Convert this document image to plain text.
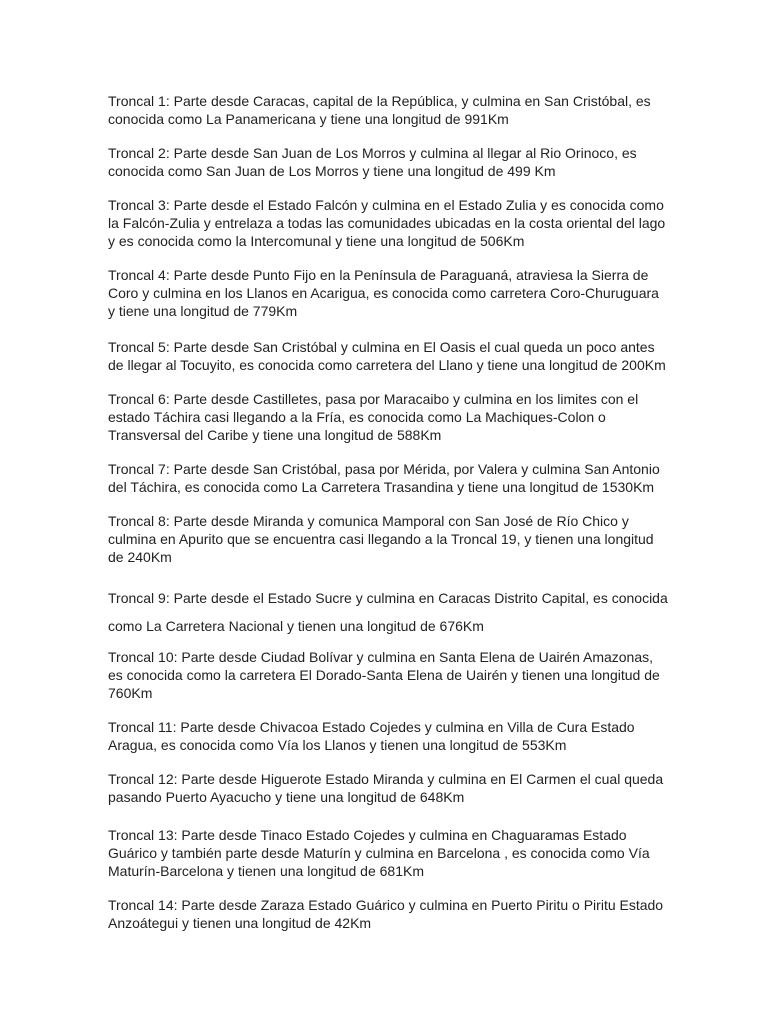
Troncal 1: Parte desde Caracas, capital de la República, y culmina en San Cristóbal, es
conocida como La Panamericana y tiene una longitud de 991Km

Troncal 2: Parte desde San Juan de Los Morros y culmina al llegar al Rio Orinoco, es
conocida como San Juan de Los Morros y tiene una longitud de 499 Km

Troncal 3: Parte desde el Estado Falcón y culmina en el Estado Zulia y es conocida como
la Falcón-Zulia y entrelaza a todas las comunidades ubicadas en la costa oriental del lago
y es conocida como la Intercomunal y tiene una longitud de 506Km

Troncal 4: Parte desde Punto Fijo en la Península de Paraguaná, atraviesa la Sierra de
Coro y culmina en los Llanos en Acarigua, es conocida como carretera Coro-Churuguara
y tiene una longitud de 779Km

Troncal 5: Parte desde San Cristóbal y culmina en El Oasis el cual queda un poco antes
de llegar al Tocuyito, es conocida como carretera del Llano y tiene una longitud de 200Km

Troncal 6: Parte desde Castilletes, pasa por Maracaibo y culmina en los limites con el
estado Táchira casi llegando a la Fría, es conocida como La Machiques-Colon o
Transversal del Caribe y tiene una longitud de 588Km

Troncal 7: Parte desde San Cristóbal, pasa por Mérida, por Valera y culmina San Antonio
del Táchira, es conocida como La Carretera Trasandina y tiene una longitud de 1530Km

Troncal 8: Parte desde Miranda y comunica Mamporal con San José de Río Chico y
culmina en Apurito que se encuentra casi llegando a la Troncal 19, y tienen una longitud
de 240Km

Troncal 9: Parte desde el Estado Sucre y culmina en Caracas Distrito Capital, es conocida
como La Carretera Nacional y tienen una longitud de 676Km

Troncal 10: Parte desde Ciudad Bolívar y culmina en Santa Elena de Uairén Amazonas,
es conocida como la carretera El Dorado-Santa Elena de Uairén y tienen una longitud de
760Km

Troncal 11: Parte desde Chivacoa Estado Cojedes y culmina en Villa de Cura Estado
Aragua, es conocida como Vía los Llanos y tienen una longitud de 553Km

Troncal 12: Parte desde Higuerote Estado Miranda y culmina en El Carmen el cual queda
pasando Puerto Ayacucho y tiene una longitud de 648Km

Troncal 13: Parte desde Tinaco Estado Cojedes y culmina en Chaguaramas Estado
Guárico y también parte desde Maturín y culmina en Barcelona , es conocida como Vía
Maturín-Barcelona y tienen una longitud de 681Km

Troncal 14: Parte desde Zaraza Estado Guárico y culmina en Puerto Piritu o Piritu Estado
Anzoátegui y tienen una longitud de 42Km
